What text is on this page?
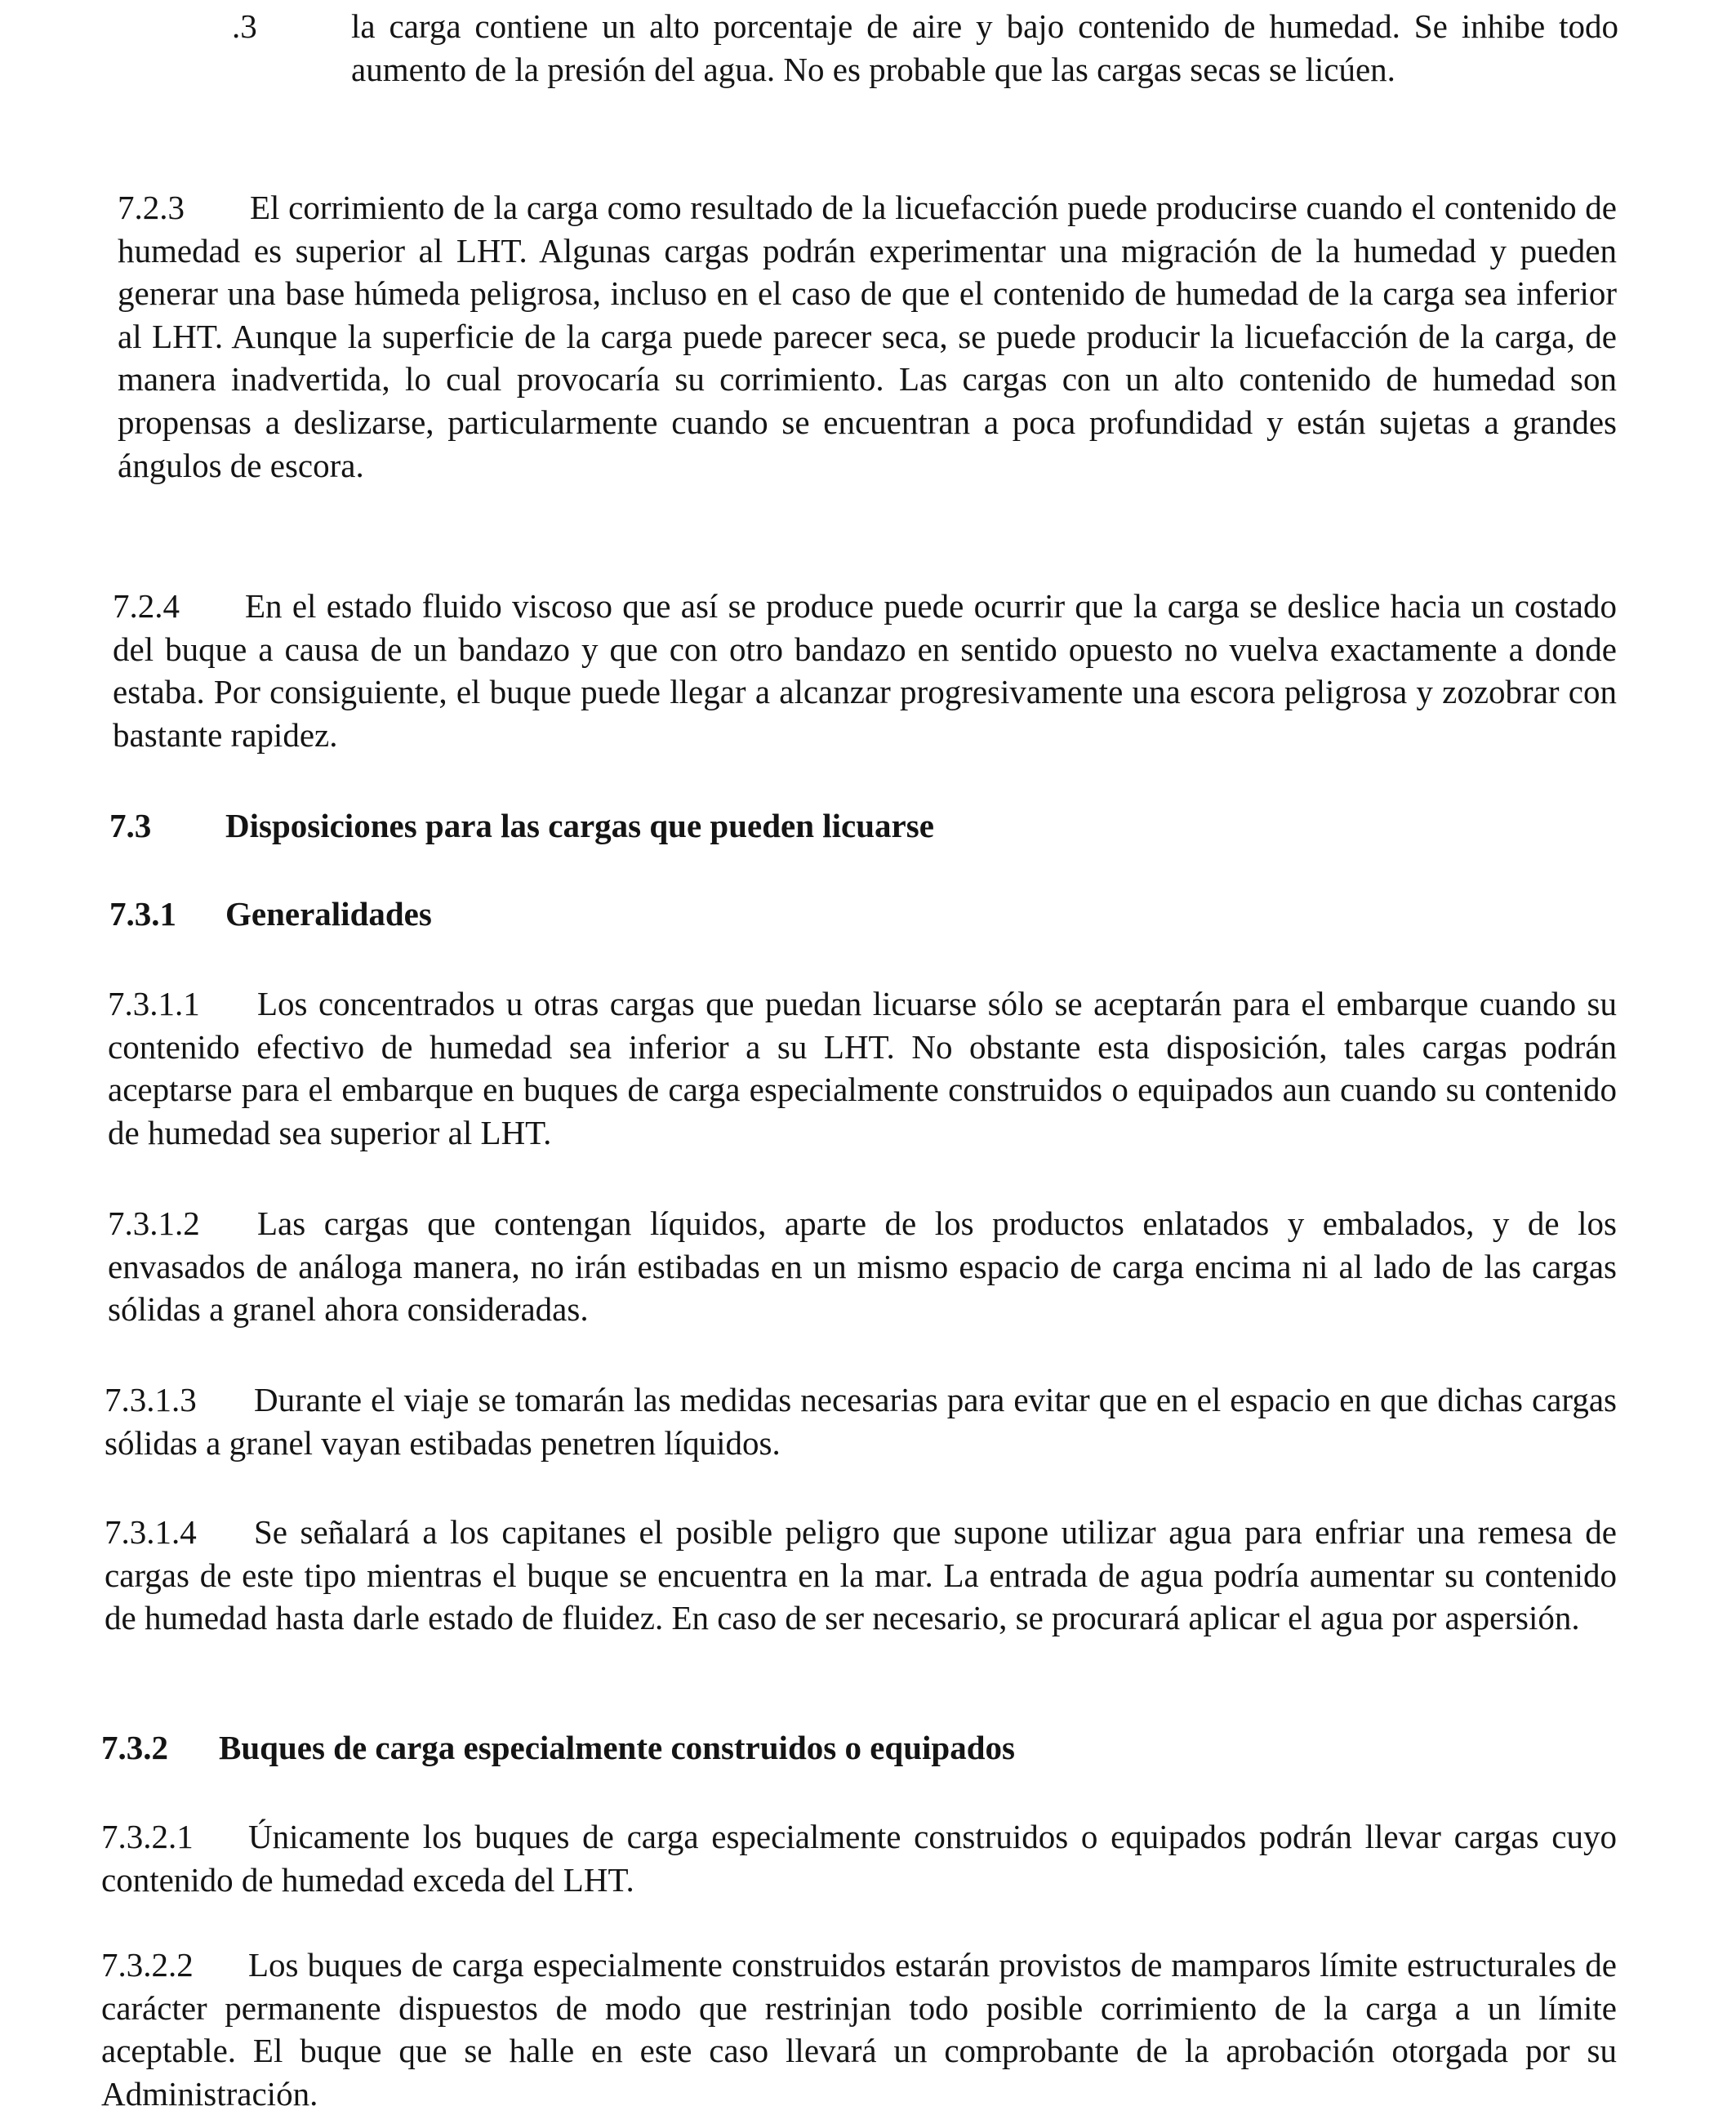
.3	la carga contiene un alto porcentaje de aire y bajo contenido de humedad. Se inhibe todo aumento de la presión del agua. No es probable que las cargas secas se licúen.

7.2.3 El corrimiento de la carga como resultado de la licuefacción puede producirse cuando el contenido de humedad es superior al LHT. Algunas cargas podrán experimentar una migración de la humedad y pueden generar una base húmeda peligrosa, incluso en el caso de que el contenido de humedad de la carga sea inferior al LHT. Aunque la superficie de la carga puede parecer seca, se puede producir la licuefacción de la carga, de manera inadvertida, lo cual provocaría su corrimiento. Las cargas con un alto contenido de humedad son propensas a deslizarse, particularmente cuando se encuentran a poca profundidad y están sujetas a grandes ángulos de escora.

7.2.4 En el estado fluido viscoso que así se produce puede ocurrir que la carga se deslice hacia un costado del buque a causa de un bandazo y que con otro bandazo en sentido opuesto no vuelva exactamente a donde estaba. Por consiguiente, el buque puede llegar a alcanzar progresivamente una escora peligrosa y zozobrar con bastante rapidez.

7.3 Disposiciones para las cargas que pueden licuarse
7.3.1 Generalidades

7.3.1.1 Los concentrados u otras cargas que puedan licuarse sólo se aceptarán para el embarque cuando su contenido efectivo de humedad sea inferior a su LHT. No obstante esta disposición, tales cargas podrán aceptarse para el embarque en buques de carga especialmente construidos o equipados aun cuando su contenido de humedad sea superior al LHT.

7.3.1.2 Las cargas que contengan líquidos, aparte de los productos enlatados y embalados, y de los envasados de análoga manera, no irán estibadas en un mismo espacio de carga encima ni al lado de las cargas sólidas a granel ahora consideradas.

7.3.1.3 Durante el viaje se tomarán las medidas necesarias para evitar que en el espacio en que dichas cargas sólidas a granel vayan estibadas penetren líquidos.

7.3.1.4 Se señalará a los capitanes el posible peligro que supone utilizar agua para enfriar una remesa de cargas de este tipo mientras el buque se encuentra en la mar. La entrada de agua podría aumentar su contenido de humedad hasta darle estado de fluidez. En caso de ser necesario, se procurará aplicar el agua por aspersión.

7.3.2 Buques de carga especialmente construidos o equipados

7.3.2.1 Únicamente los buques de carga especialmente construidos o equipados podrán llevar cargas cuyo contenido de humedad exceda del LHT.

7.3.2.2 Los buques de carga especialmente construidos estarán provistos de mamparos límite estructurales de carácter permanente dispuestos de modo que restrinjan todo posible corrimiento de la carga a un límite aceptable. El buque que se halle en este caso llevará un comprobante de la aprobación otorgada por su Administración.
